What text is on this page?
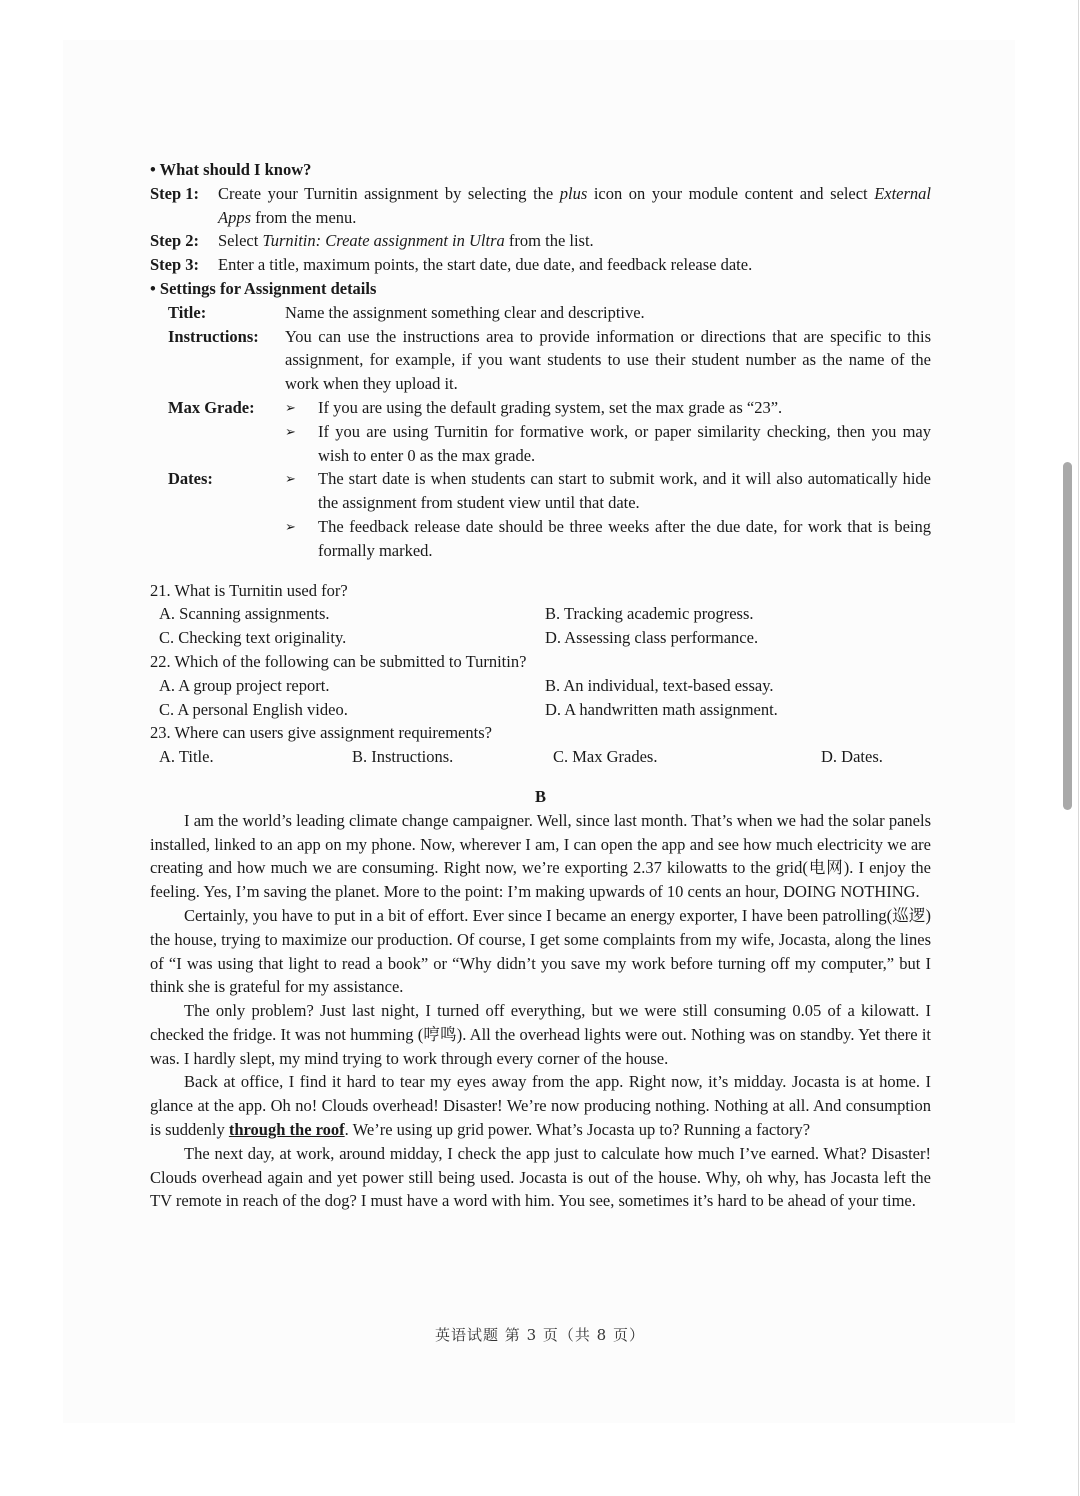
• What should I know?
Step 1:	Create your Turnitin assignment by selecting the plus icon on your module content and select External Apps from the menu.
Step 2:	Select Turnitin: Create assignment in Ultra from the list.
Step 3:	Enter a title, maximum points, the start date, due date, and feedback release date.
• Settings for Assignment details
Title:	Name the assignment something clear and descriptive.
Instructions:	You can use the instructions area to provide information or directions that are specific to this assignment, for example, if you want students to use their student number as the name of the work when they upload it.
Max Grade:	➢	If you are using the default grading system, set the max grade as “23”.
➢	If you are using Turnitin for formative work, or paper similarity checking, then you may wish to enter 0 as the max grade.
Dates:	➢	The start date is when students can start to submit work, and it will also automatically hide the assignment from student view until that date.
➢	The feedback release date should be three weeks after the due date, for work that is being formally marked.
21. What is Turnitin used for?
A. Scanning assignments.	B. Tracking academic progress.
C. Checking text originality.	D. Assessing class performance.
22. Which of the following can be submitted to Turnitin?
A. A group project report.	B. An individual, text-based essay.
C. A personal English video.	D. A handwritten math assignment.
23. Where can users give assignment requirements?
A. Title.	B. Instructions.	C. Max Grades.	D. Dates.
B
I am the world’s leading climate change campaigner. Well, since last month. That’s when we had the solar panels installed, linked to an app on my phone. Now, wherever I am, I can open the app and see how much electricity we are creating and how much we are consuming. Right now, we’re exporting 2.37 kilowatts to the grid(电网). I enjoy the feeling. Yes, I’m saving the planet. More to the point: I’m making upwards of 10 cents an hour, DOING NOTHING.
Certainly, you have to put in a bit of effort. Ever since I became an energy exporter, I have been patrolling(巡逻) the house, trying to maximize our production. Of course, I get some complaints from my wife, Jocasta, along the lines of “I was using that light to read a book” or “Why didn’t you save my work before turning off my computer,” but I think she is grateful for my assistance.
The only problem? Just last night, I turned off everything, but we were still consuming 0.05 of a kilowatt. I checked the fridge. It was not humming (哼鸣). All the overhead lights were out. Nothing was on standby. Yet there it was. I hardly slept, my mind trying to work through every corner of the house.
Back at office, I find it hard to tear my eyes away from the app. Right now, it’s midday. Jocasta is at home. I glance at the app. Oh no! Clouds overhead! Disaster! We’re now producing nothing. Nothing at all. And consumption is suddenly through the roof. We’re using up grid power. What’s Jocasta up to? Running a factory?
The next day, at work, around midday, I check the app just to calculate how much I’ve earned. What? Disaster! Clouds overhead again and yet power still being used. Jocasta is out of the house. Why, oh why, has Jocasta left the TV remote in reach of the dog? I must have a word with him. You see, sometimes it’s hard to be ahead of your time.
英语试题 第 3 页（共 8 页）
